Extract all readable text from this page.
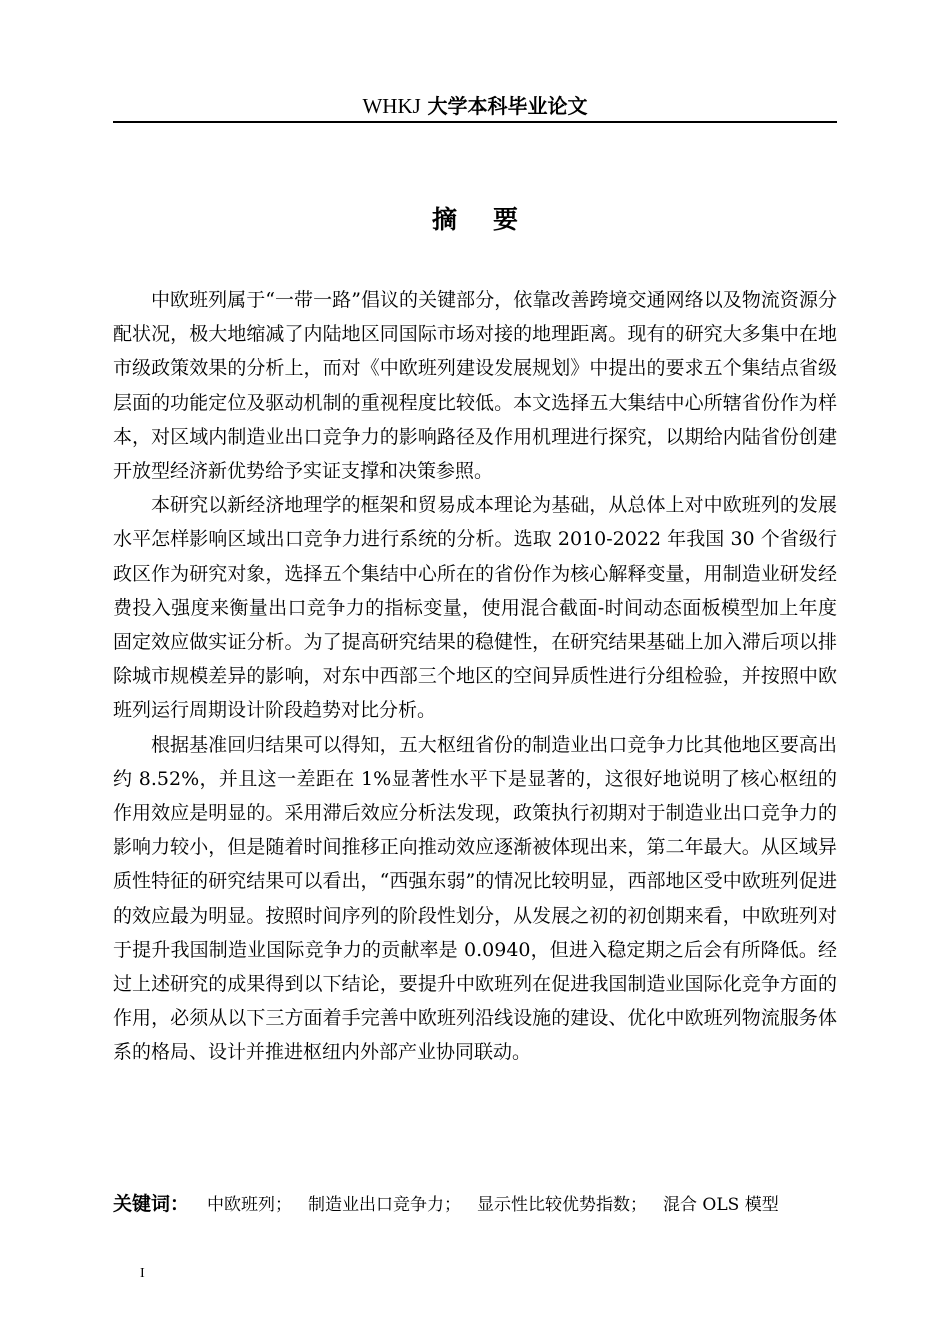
WHKJ 大学本科毕业论文
摘要

中欧班列属于“一带一路”倡议的关键部分，依靠改善跨境交通网络以及物流资源分配状况，极大地缩减了内陆地区同国际市场对接的地理距离。现有的研究大多集中在地市级政策效果的分析上，而对《中欧班列建设发展规划》中提出的要求五个集结点省级层面的功能定位及驱动机制的重视程度比较低。本文选择五大集结中心所辖省份作为样本，对区域内制造业出口竞争力的影响路径及作用机理进行探究，以期给内陆省份创建开放型经济新优势给予实证支撑和决策参照。

本研究以新经济地理学的框架和贸易成本理论为基础，从总体上对中欧班列的发展水平怎样影响区域出口竞争力进行系统的分析。选取 2010-2022 年我国 30 个省级行政区作为研究对象，选择五个集结中心所在的省份作为核心解释变量，用制造业研发经费投入强度来衡量出口竞争力的指标变量，使用混合截面-时间动态面板模型加上年度固定效应做实证分析。为了提高研究结果的稳健性，在研究结果基础上加入滞后项以排除城市规模差异的影响，对东中西部三个地区的空间异质性进行分组检验，并按照中欧班列运行周期设计阶段趋势对比分析。

根据基准回归结果可以得知，五大枢纽省份的制造业出口竞争力比其他地区要高出约 8.52%，并且这一差距在 1%显著性水平下是显著的，这很好地说明了核心枢纽的作用效应是明显的。采用滞后效应分析法发现，政策执行初期对于制造业出口竞争力的影响力较小，但是随着时间推移正向推动效应逐渐被体现出来，第二年最大。从区域异质性特征的研究结果可以看出，“西强东弱”的情况比较明显，西部地区受中欧班列促进的效应最为明显。按照时间序列的阶段性划分，从发展之初的初创期来看，中欧班列对于提升我国制造业国际竞争力的贡献率是 0.0940，但进入稳定期之后会有所降低。经过上述研究的成果得到以下结论，要提升中欧班列在促进我国制造业国际化竞争方面的作用，必须从以下三方面着手完善中欧班列沿线设施的建设、优化中欧班列物流服务体系的格局、设计并推进枢纽内外部产业协同联动。

关键词： 中欧班列； 制造业出口竞争力； 显示性比较优势指数； 混合 OLS 模型
I
